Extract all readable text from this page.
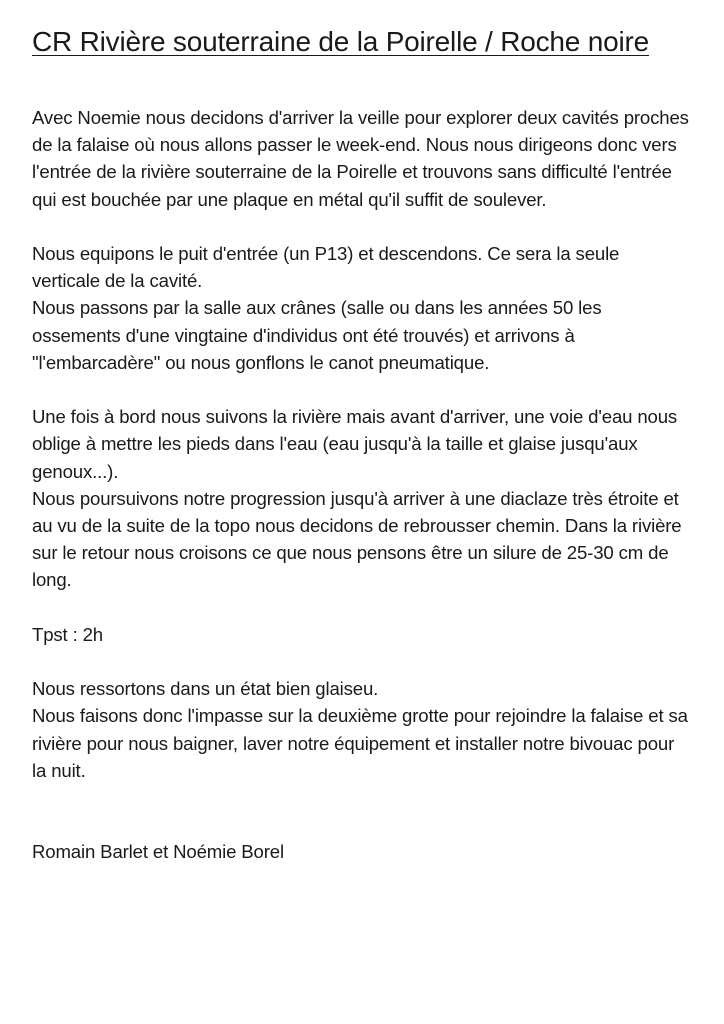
CR Rivière souterraine de la Poirelle / Roche noire

Avec Noemie nous decidons d'arriver la veille pour explorer deux cavités proches de la falaise où nous allons passer le week-end. Nous nous dirigeons donc vers l'entrée de la rivière souterraine de la Poirelle et trouvons sans difficulté l'entrée qui est bouchée par une plaque en métal qu'il suffit de soulever.

Nous equipons le puit d'entrée (un P13) et descendons. Ce sera la seule verticale de la cavité.
Nous passons par la salle aux crânes (salle ou dans les années 50 les ossements d'une vingtaine d'individus ont été trouvés) et arrivons à "l'embarcadère" ou nous gonflons le canot pneumatique.

Une fois à bord nous suivons la rivière mais avant d'arriver, une voie d'eau nous oblige à mettre les pieds dans l'eau (eau jusqu'à la taille et glaise jusqu'aux genoux...).
Nous poursuivons notre progression jusqu'à arriver à une diaclaze très étroite et au vu de la suite de la topo nous decidons de rebrousser chemin. Dans la rivière sur le retour nous croisons ce que nous pensons être un silure de 25-30 cm de long.

Tpst : 2h

Nous ressortons dans un état bien glaiseu.
Nous faisons donc l'impasse sur la deuxième grotte pour rejoindre la falaise et sa rivière pour nous baigner, laver notre équipement et installer notre bivouac pour la nuit.

Romain Barlet et Noémie Borel
